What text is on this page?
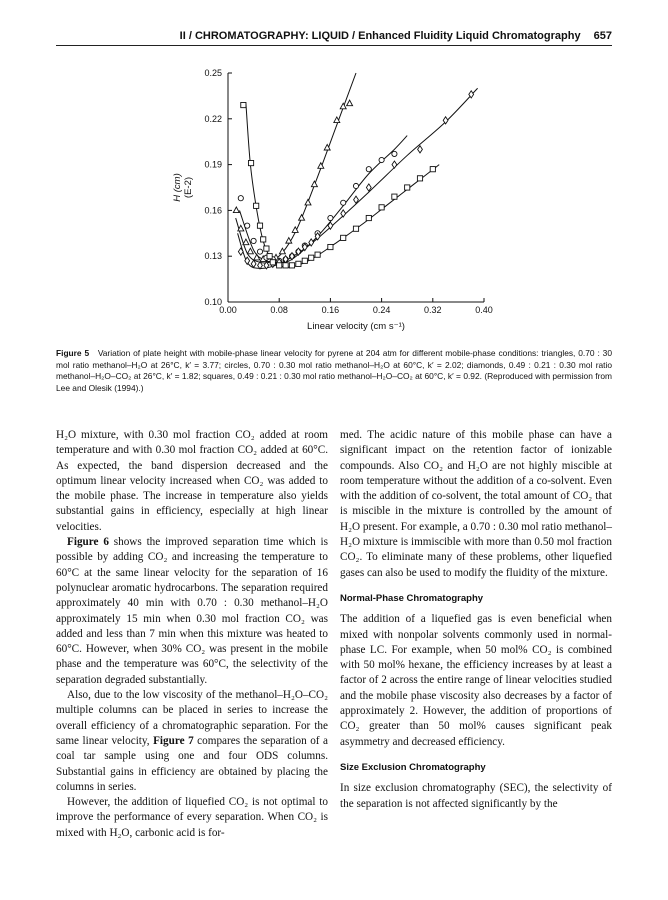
II / CHROMATOGRAPHY: LIQUID / Enhanced Fluidity Liquid Chromatography 657
0.00	0.08	0.16	0.24	0.32	0.40
0.10
0.13
0.16
0.19
0.22
0.25
Linear velocity (cm s⁻¹)
H (cm) (E-2)
Figure 5 Variation of plate height with mobile-phase linear velocity for pyrene at 204 atm for different mobile-phase conditions: triangles, 0.70 : 30 mol ratio methanol–H₂O at 26°C, k′ = 3.77; circles, 0.70 : 0.30 mol ratio methanol–H₂O at 60°C, k′ = 2.02; diamonds, 0.49 : 0.21 : 0.30 mol ratio methanol–H₂O–CO₂ at 26°C, k′ = 1.82; squares, 0.49 : 0.21 : 0.30 mol ratio methanol–H₂O–CO₂ at 60°C, k′ = 0.92. (Reproduced with permission from Lee and Olesik (1994).)

H₂O mixture, with 0.30 mol fraction CO₂ added at room temperature and with 0.30 mol fraction CO₂ added at 60°C. As expected, the band dispersion decreased and the optimum linear velocity increased when CO₂ was added to the mobile phase. The increase in temperature also yields substantial gains in efficiency, especially at high linear velocities.

Figure 6 shows the improved separation time which is possible by adding CO₂ and increasing the temperature to 60°C at the same linear velocity for the separation of 16 polynuclear aromatic hydrocarbons. The separation required approximately 40 min with 0.70 : 0.30 methanol–H₂O approximately 15 min when 0.30 mol fraction CO₂ was added and less than 7 min when this mixture was heated to 60°C. However, when 30% CO₂ was present in the mobile phase and the temperature was 60°C, the selectivity of the separation degraded substantially.

Also, due to the low viscosity of the methanol–H₂O–CO₂ multiple columns can be placed in series to increase the overall efficiency of a chromatographic separation. For the same linear velocity, Figure 7 compares the separation of a coal tar sample using one and four ODS columns. Substantial gains in efficiency are obtained by placing the columns in series.

However, the addition of liquefied CO₂ is not optimal to improve the performance of every separation. When CO₂ is mixed with H₂O, carbonic acid is for-

med. The acidic nature of this mobile phase can have a significant impact on the retention factor of ionizable compounds. Also CO₂ and H₂O are not highly miscible at room temperature without the addition of a co-solvent. Even with the addition of co-solvent, the total amount of CO₂ that is miscible in the mixture is controlled by the amount of H₂O present. For example, a 0.70 : 0.30 mol ratio methanol–H₂O mixture is immiscible with more than 0.50 mol fraction CO₂. To eliminate many of these problems, other liquefied gases can also be used to modify the fluidity of the mixture.

Normal-Phase Chromatography

The addition of a liquefied gas is even beneficial when mixed with nonpolar solvents commonly used in normal-phase LC. For example, when 50 mol% CO₂ is combined with 50 mol% hexane, the efficiency increases by at least a factor of 2 across the entire range of linear velocities studied and the mobile phase viscosity also decreases by a factor of approximately 2. However, the addition of proportions of CO₂ greater than 50 mol% causes significant peak asymmetry and decreased efficiency.

Size Exclusion Chromatography

In size exclusion chromatography (SEC), the selectivity of the separation is not affected significantly by the
